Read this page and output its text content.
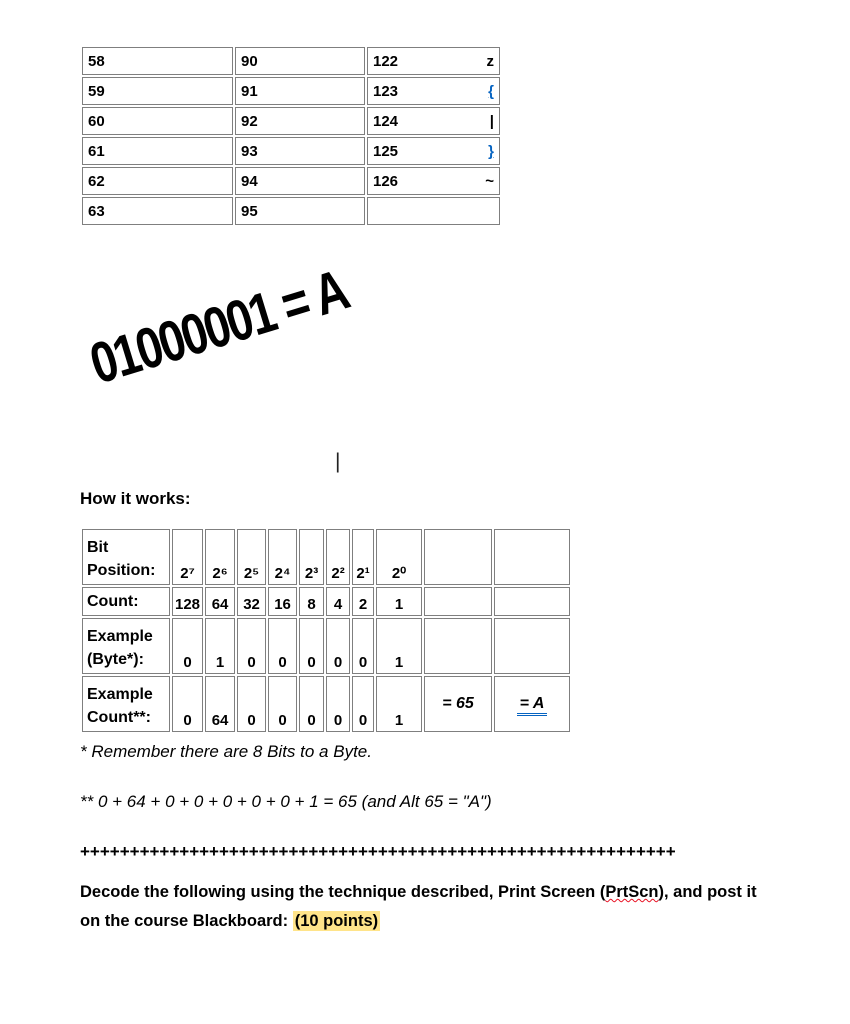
58	90	122 z

59	91	123 {

60	92	124 |

61	93	125 }

62	94	126 ~

63	95	
01000001 = A
|
How it works:
Bit Position:	2⁷	2⁶	2⁵	2⁴	2³	2²	2¹	2⁰		
Count:	128	64	32	16	8	4	2	1		
Example (Byte*):	0	1	0	0	0	0	0	1		
Example Count**:	0	64	0	0	0	0	0	1	= 65	= A
* Remember there are 8 Bits to a Byte.
** 0 + 64 + 0 + 0 + 0 + 0 + 0 + 1 = 65 (and Alt 65 = "A")
++++++++++++++++++++++++++++++++++++++++++++++++++++++++++++
Decode the following using the technique described, Print Screen (PrtScn), and post it on the course Blackboard: (10 points)
